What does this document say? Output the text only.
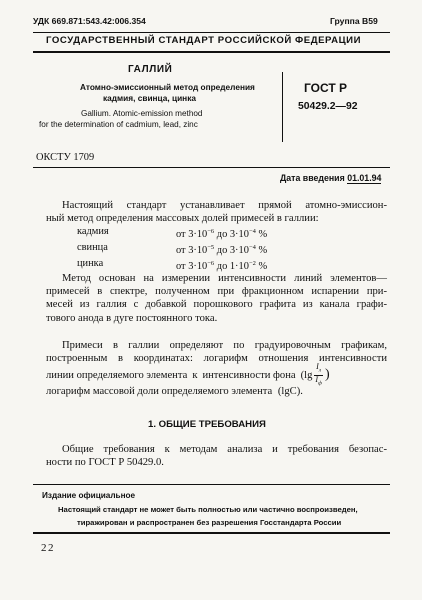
УДК 669.871:543.42:006.354	Группа В59
ГОСУДАРСТВЕННЫЙ СТАНДАРТ РОССИЙСКОЙ ФЕДЕРАЦИИ
ГАЛЛИЙ
Атомно-эмиссионный метод определения
кадмия, свинца, цинка
Gallium. Atomic-emission method
for the determination of cadmium, lead, zinc
ГОСТ Р
50429.2—92
ОКСТУ 1709
Дата введения 01.01.94
Настоящий стандарт устанавливает прямой атомно-эмиссион-
ный метод определения массовых долей примесей в галлии:
кадмия	от $3\cdot 10^{-6}$ до $3\cdot 10^{-4}$ %
свинца	от $3\cdot 10^{-5}$ до $3\cdot 10^{-4}$ %
цинка	от $3\cdot 10^{-6}$ до $1\cdot 10^{-2}$ %
Метод основан на измерении интенсивности линий элементов—
примесей в спектре, полученном при фракционном испарении при-
месей из галлия с добавкой порошкового графита из канала графи-
тового анода в дуге постоянного тока.
Примеси в галлии определяют по градуировочным графикам,
построенным в координатах: логарифм отношения интенсивности
линии определяемого элемента к интенсивности фона ($\lg \frac{I_л}{I_ф}$ )
логарифм массовой доли определяемого элемента (lgC).
1. ОБЩИЕ ТРЕБОВАНИЯ
Общие требования к методам анализа и требования безопас-
ности по ГОСТ Р 50429.0.
Издание официальное
Настоящий стандарт не может быть полностью или частично воспроизведен,
тиражирован и распространен без разрешения Госстандарта России
22
